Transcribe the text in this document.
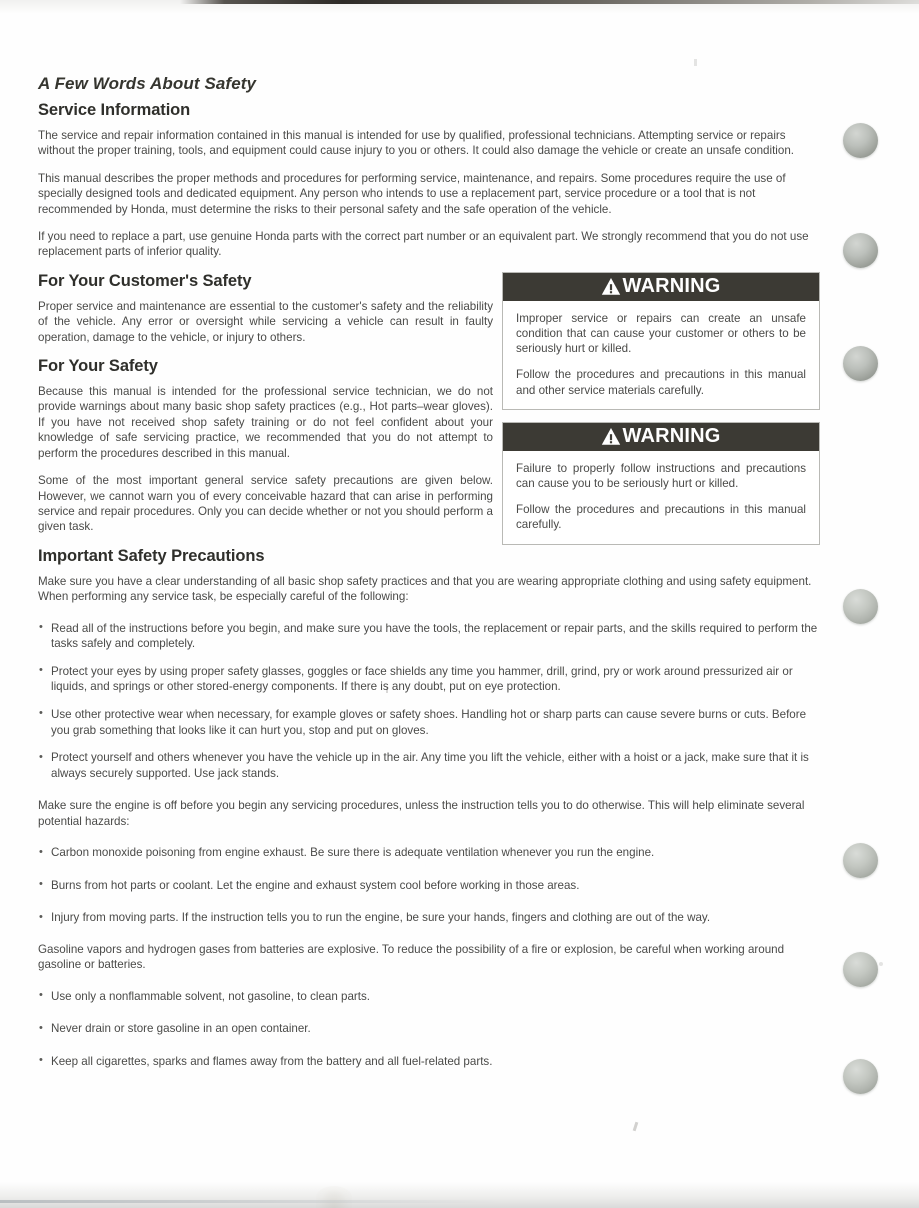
A Few Words About Safety
Service Information

The service and repair information contained in this manual is intended for use by qualified, professional technicians. Attempting service or repairs without the proper training, tools, and equipment could cause injury to you or others. It could also damage the vehicle or create an unsafe condition.

This manual describes the proper methods and procedures for performing service, maintenance, and repairs. Some procedures require the use of specially designed tools and dedicated equipment. Any person who intends to use a replacement part, service procedure or a tool that is not recommended by Honda, must determine the risks to their personal safety and the safe operation of the vehicle.

If you need to replace a part, use genuine Honda parts with the correct part number or an equivalent part. We strongly recommend that you do not use replacement parts of inferior quality.

For Your Customer's Safety

Proper service and maintenance are essential to the customer's safety and the reliability of the vehicle. Any error or oversight while servicing a vehicle can result in faulty operation, damage to the vehicle, or injury to others.

For Your Safety

Because this manual is intended for the professional service technician, we do not provide warnings about many basic shop safety practices (e.g., Hot parts–wear gloves). If you have not received shop safety training or do not feel confident about your knowledge of safe servicing practice, we recommended that you do not attempt to perform the procedures described in this manual.

Some of the most important general service safety precautions are given below. However, we cannot warn you of every conceivable hazard that can arise in performing service and repair procedures. Only you can decide whether or not you should perform a given task.

WARNING

Improper service or repairs can create an unsafe condition that can cause your customer or others to be seriously hurt or killed.

Follow the procedures and precautions in this manual and other service materials carefully.

WARNING

Failure to properly follow instructions and precautions can cause you to be seriously hurt or killed.

Follow the procedures and precautions in this manual carefully.

Important Safety Precautions

Make sure you have a clear understanding of all basic shop safety practices and that you are wearing appropriate clothing and using safety equipment. When performing any service task, be especially careful of the following:

• Read all of the instructions before you begin, and make sure you have the tools, the replacement or repair parts, and the skills required to perform the tasks safely and completely.
• Protect your eyes by using proper safety glasses, goggles or face shields any time you hammer, drill, grind, pry or work around pressurized air or liquids, and springs or other stored-energy components. If there is any doubt, put on eye protection.
• Use other protective wear when necessary, for example gloves or safety shoes. Handling hot or sharp parts can cause severe burns or cuts. Before you grab something that looks like it can hurt you, stop and put on gloves.
• Protect yourself and others whenever you have the vehicle up in the air. Any time you lift the vehicle, either with a hoist or a jack, make sure that it is always securely supported. Use jack stands.

Make sure the engine is off before you begin any servicing procedures, unless the instruction tells you to do otherwise. This will help eliminate several potential hazards:

• Carbon monoxide poisoning from engine exhaust. Be sure there is adequate ventilation whenever you run the engine.
• Burns from hot parts or coolant. Let the engine and exhaust system cool before working in those areas.
• Injury from moving parts. If the instruction tells you to run the engine, be sure your hands, fingers and clothing are out of the way.

Gasoline vapors and hydrogen gases from batteries are explosive. To reduce the possibility of a fire or explosion, be careful when working around gasoline or batteries.

• Use only a nonflammable solvent, not gasoline, to clean parts.
• Never drain or store gasoline in an open container.
• Keep all cigarettes, sparks and flames away from the battery and all fuel-related parts.
